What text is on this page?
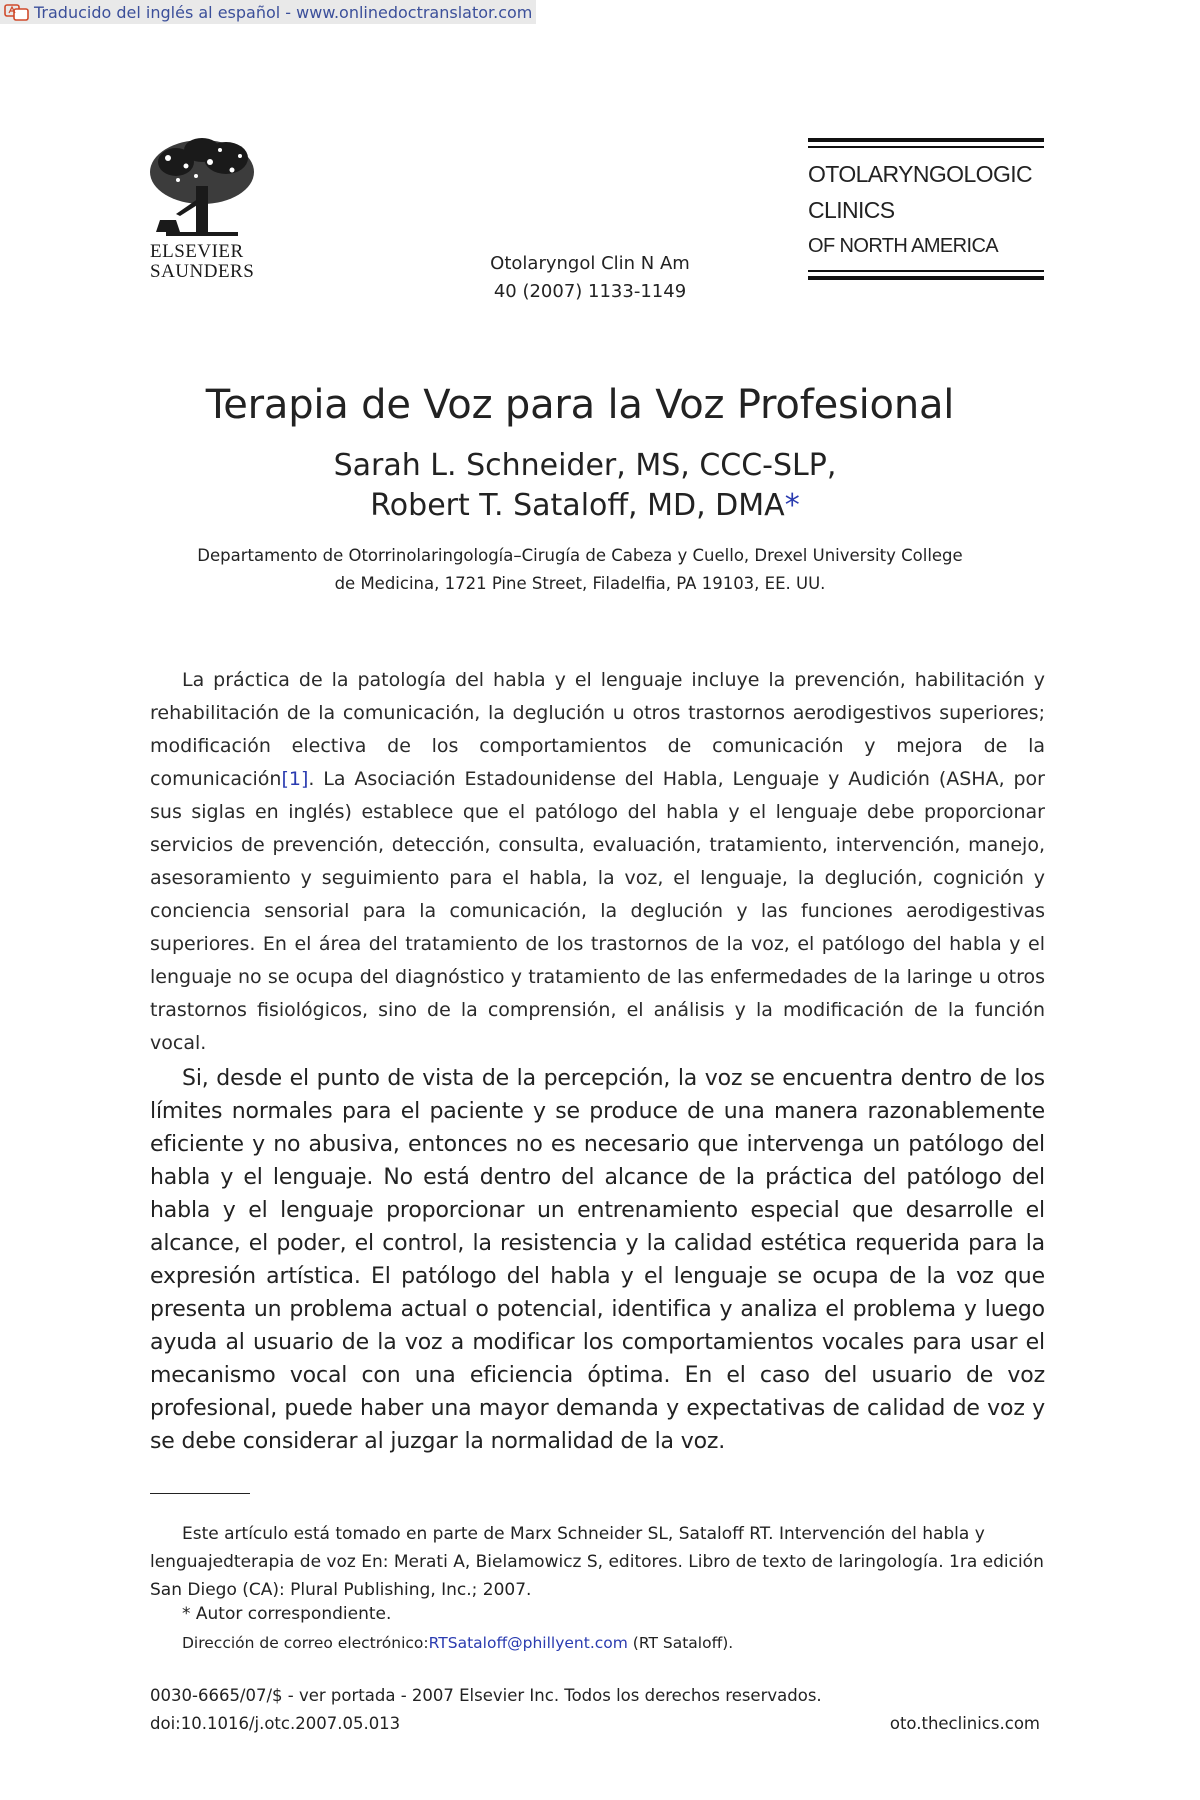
Traducido del inglés al español - www.onlinedoctranslator.com
ELSEVIER
SAUNDERS	Otolaryngol Clin N Am
40 (2007) 1133-1149
OTOLARYNGOLOGIC
CLINICS
OF NORTH AMERICA
Terapia de Voz para la Voz Profesional
Sarah L. Schneider, MS, CCC-SLP,
Robert T. Sataloff, MD, DMA*
Departamento de Otorrinolaringología–Cirugía de Cabeza y Cuello, Drexel University College
de Medicina, 1721 Pine Street, Filadelfia, PA 19103, EE. UU.

La práctica de la patología del habla y el lenguaje incluye la prevención, habilitación y rehabilitación de la comunicación, la deglución u otros trastornos aerodigestivos superiores; modificación electiva de los comportamientos de comunicación y mejora de la comunicación[1]. La Asociación Estadounidense del Habla, Lenguaje y Audición (ASHA, por sus siglas en inglés) establece que el patólogo del habla y el lenguaje debe proporcionar servicios de prevención, detección, consulta, evaluación, tratamiento, intervención, manejo, asesoramiento y seguimiento para el habla, la voz, el lenguaje, la deglución, cognición y conciencia sensorial para la comunicación, la deglución y las funciones aerodigestivas superiores. En el área del tratamiento de los trastornos de la voz, el patólogo del habla y el lenguaje no se ocupa del diagnóstico y tratamiento de las enfermedades de la laringe u otros trastornos fisiológicos, sino de la comprensión, el análisis y la modificación de la función vocal.

Si, desde el punto de vista de la percepción, la voz se encuentra dentro de los límites normales para el paciente y se produce de una manera razonablemente eficiente y no abusiva, entonces no es necesario que intervenga un patólogo del habla y el lenguaje. No está dentro del alcance de la práctica del patólogo del habla y el lenguaje proporcionar un entrenamiento especial que desarrolle el alcance, el poder, el control, la resistencia y la calidad estética requerida para la expresión artística. El patólogo del habla y el lenguaje se ocupa de la voz que presenta un problema actual o potencial, identifica y analiza el problema y luego ayuda al usuario de la voz a modificar los comportamientos vocales para usar el mecanismo vocal con una eficiencia óptima. En el caso del usuario de voz profesional, puede haber una mayor demanda y expectativas de calidad de voz y se debe considerar al juzgar la normalidad de la voz.

Este artículo está tomado en parte de Marx Schneider SL, Sataloff RT. Intervención del habla y lenguajedterapia de voz En: Merati A, Bielamowicz S, editores. Libro de texto de laringología. 1ra edición San Diego (CA): Plural Publishing, Inc.; 2007.

* Autor correspondiente.
Dirección de correo electrónico:RTSataloff@phillyent.com (RT Sataloff).
0030-6665/07/$ - ver portada - 2007 Elsevier Inc. Todos los derechos reservados.
doi:10.1016/j.otc.2007.05.013	oto.theclinics.com
